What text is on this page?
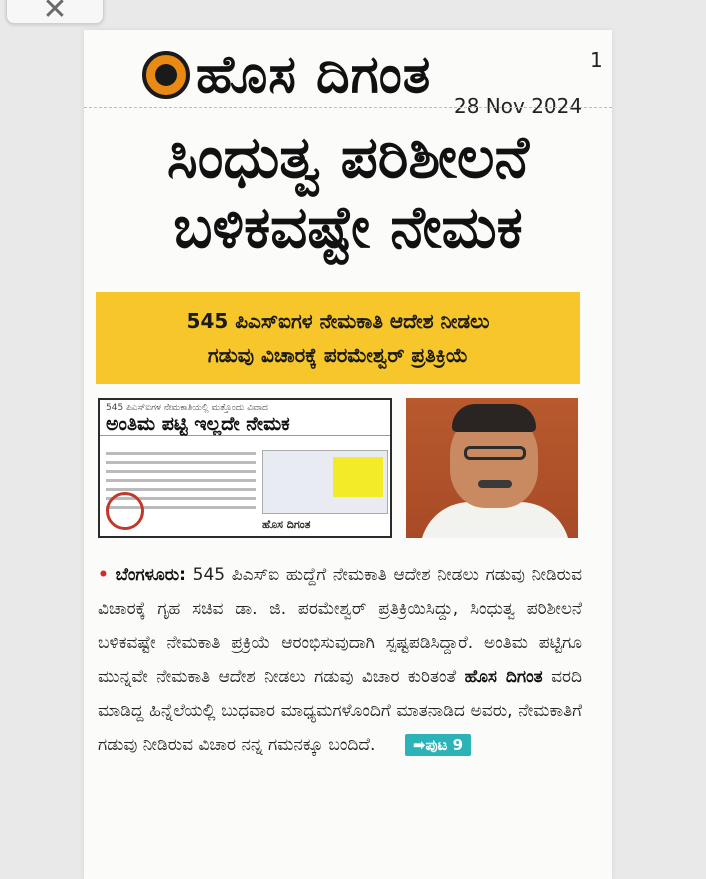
✕
ಹೊಸ ದಿಗಂತ	1
28 Nov 2024
ಸಿಂಧುತ್ವ ಪರಿಶೀಲನೆ
ಬಳಿಕವಷ್ಟೇ ನೇಮಕ
545 ಪಿಎಸ್‌ಐಗಳ ನೇಮಕಾತಿ ಆದೇಶ ನೀಡಲು
ಗಡುವು ವಿಚಾರಕ್ಕೆ ಪರಮೇಶ್ವರ್ ಪ್ರತಿಕ್ರಿಯೆ
545 ಪಿಎಸ್‌ಐಗಳ ನೇಮಕಾತಿಯಲ್ಲಿ ಮತ್ತೊಂದು ವಿವಾದ
ಅಂತಿಮ ಪಟ್ಟಿ ಇಲ್ಲದೇ ನೇಮಕ
ಹೊಸ ದಿಗಂತ
• ಬೆಂಗಳೂರು: 545 ಪಿಎಸ್‌ಐ ಹುದ್ದೆಗೆ ನೇಮಕಾತಿ ಆದೇಶ ನೀಡಲು ಗಡುವು ನೀಡಿರುವ ವಿಚಾರಕ್ಕೆ ಗೃಹ ಸಚಿವ ಡಾ. ಜಿ. ಪರಮೇಶ್ವರ್ ಪ್ರತಿಕ್ರಿಯಿಸಿದ್ದು, ಸಿಂಧುತ್ವ ಪರಿಶೀಲನೆ ಬಳಿಕವಷ್ಟೇ ನೇಮಕಾತಿ ಪ್ರಕ್ರಿಯೆ ಆರಂಭಿಸುವುದಾಗಿ ಸ್ಪಷ್ಟಪಡಿಸಿದ್ದಾರೆ. ಅಂತಿಮ ಪಟ್ಟಿಗೂ ಮುನ್ನವೇ ನೇಮಕಾತಿ ಆದೇಶ ನೀಡಲು ಗಡುವು ವಿಚಾರ ಕುರಿತಂತೆ ಹೊಸ ದಿಗಂತ ವರದಿ ಮಾಡಿದ್ದ ಹಿನ್ನೆಲೆಯಲ್ಲಿ ಬುಧವಾರ ಮಾಧ್ಯಮಗಳೊಂದಿಗೆ ಮಾತನಾಡಿದ ಅವರು, ನೇಮಕಾತಿಗೆ ಗಡುವು ನೀಡಿರುವ ವಿಚಾರ ನನ್ನ ಗಮನಕ್ಕೂ ಬಂದಿದೆ. ➡ಪುಟ 9
